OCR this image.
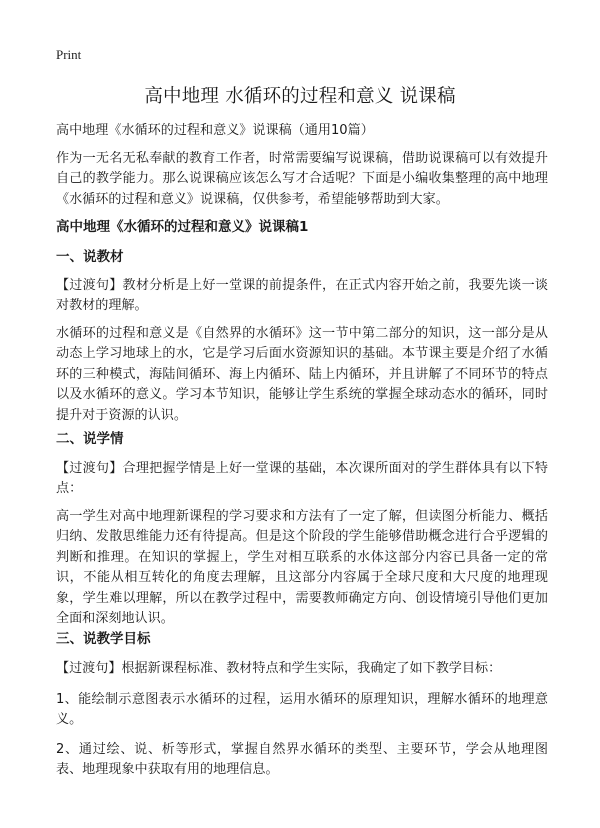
Print
高中地理 水循环的过程和意义 说课稿
高中地理《水循环的过程和意义》说课稿（通用10篇）
作为一无名无私奉献的教育工作者，时常需要编写说课稿，借助说课稿可以有效提升自己的教学能力。那么说课稿应该怎么写才合适呢？下面是小编收集整理的高中地理《水循环的过程和意义》说课稿，仅供参考，希望能够帮助到大家。
高中地理《水循环的过程和意义》说课稿1
一、说教材
【过渡句】教材分析是上好一堂课的前提条件，在正式内容开始之前，我要先谈一谈对教材的理解。
水循环的过程和意义是《自然界的水循环》这一节中第二部分的知识，这一部分是从动态上学习地球上的水，它是学习后面水资源知识的基础。本节课主要是介绍了水循环的三种模式，海陆间循环、海上内循环、陆上内循环，并且讲解了不同环节的特点以及水循环的意义。学习本节知识，能够让学生系统的掌握全球动态水的循环，同时提升对于资源的认识。
二、说学情
【过渡句】合理把握学情是上好一堂课的基础，本次课所面对的学生群体具有以下特点：
高一学生对高中地理新课程的学习要求和方法有了一定了解，但读图分析能力、概括归纳、发散思维能力还有待提高。但是这个阶段的学生能够借助概念进行合乎逻辑的判断和推理。在知识的掌握上，学生对相互联系的水体这部分内容已具备一定的常识，不能从相互转化的角度去理解，且这部分内容属于全球尺度和大尺度的地理现象，学生难以理解，所以在教学过程中，需要教师确定方向、创设情境引导他们更加全面和深刻地认识。
三、说教学目标
【过渡句】根据新课程标准、教材特点和学生实际，我确定了如下教学目标：
1、能绘制示意图表示水循环的过程，运用水循环的原理知识，理解水循环的地理意义。
2、通过绘、说、析等形式，掌握自然界水循环的类型、主要环节，学会从地理图表、地理现象中获取有用的地理信息。
